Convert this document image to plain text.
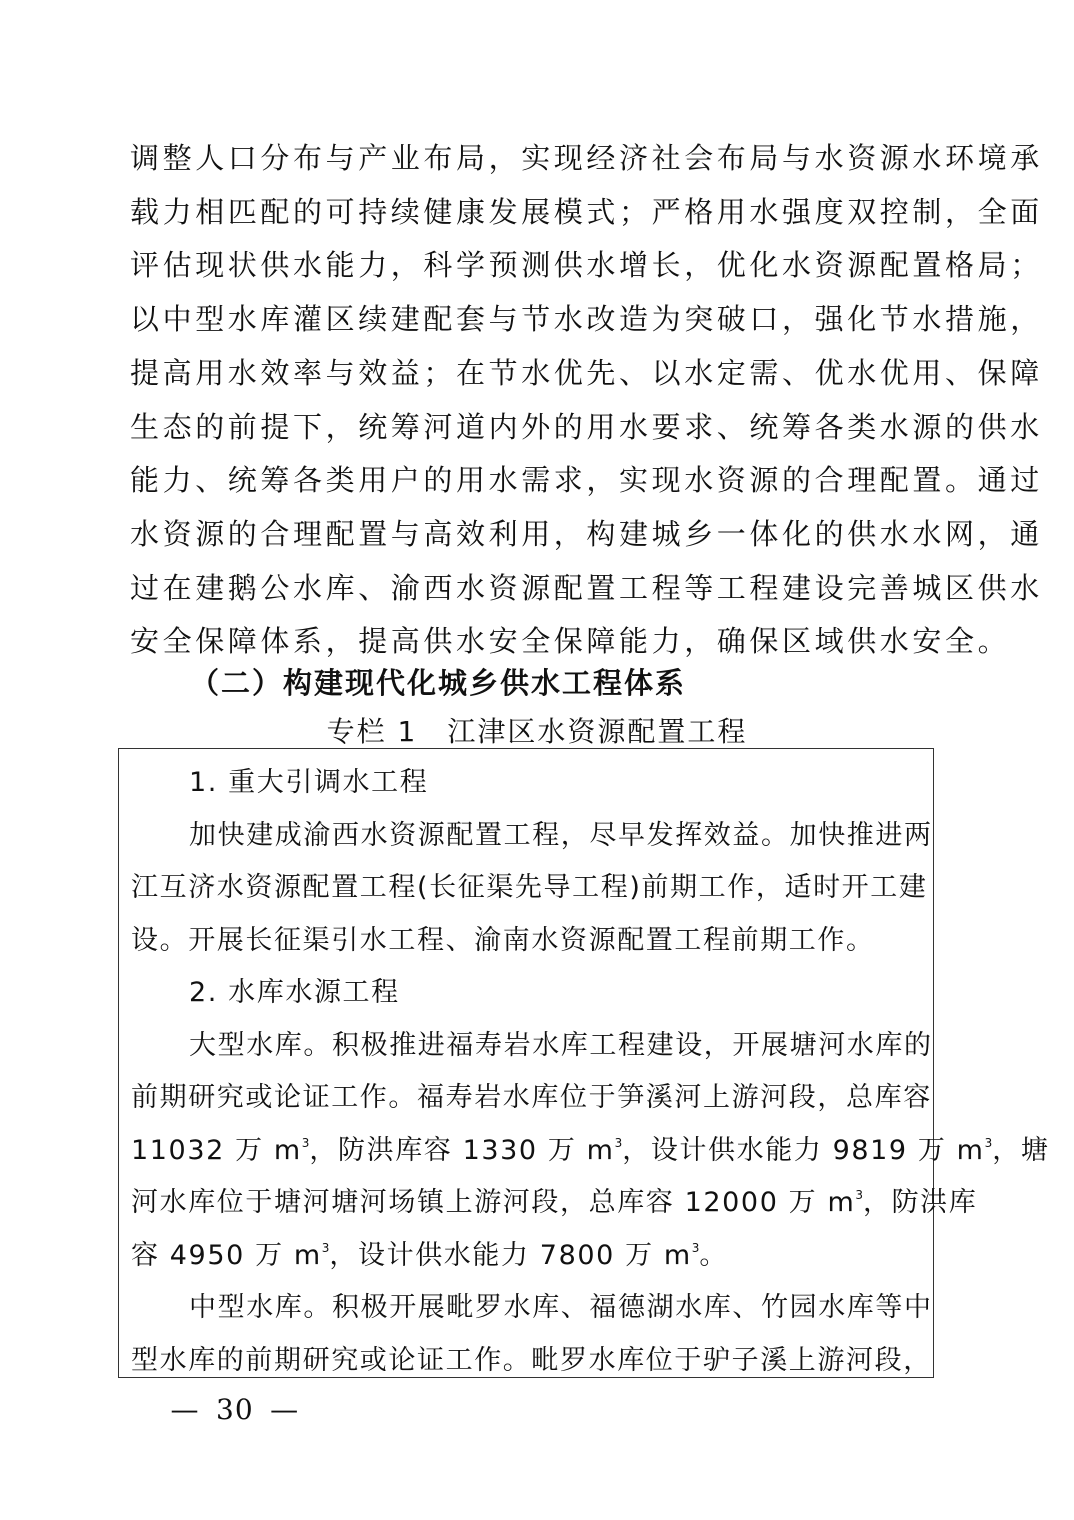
调整人口分布与产业布局，实现经济社会布局与水资源水环境承
载力相匹配的可持续健康发展模式；严格用水强度双控制，全面
评估现状供水能力，科学预测供水增长，优化水资源配置格局；
以中型水库灌区续建配套与节水改造为突破口，强化节水措施，
提高用水效率与效益；在节水优先、以水定需、优水优用、保障
生态的前提下，统筹河道内外的用水要求、统筹各类水源的供水
能力、统筹各类用户的用水需求，实现水资源的合理配置。通过
水资源的合理配置与高效利用，构建城乡一体化的供水水网，通
过在建鹅公水库、渝西水资源配置工程等工程建设完善城区供水
安全保障体系，提高供水安全保障能力，确保区域供水安全。
（二）构建现代化城乡供水工程体系
专栏 1 江津区水资源配置工程
1. 重大引调水工程
加快建成渝西水资源配置工程，尽早发挥效益。加快推进两
江互济水资源配置工程(长征渠先导工程)前期工作，适时开工建
设。开展长征渠引水工程、渝南水资源配置工程前期工作。
2. 水库水源工程
大型水库。积极推进福寿岩水库工程建设，开展塘河水库的
前期研究或论证工作。福寿岩水库位于笋溪河上游河段，总库容
11032 万 $m^3$，防洪库容 1330 万 $m^3$，设计供水能力 9819 万 $m^3$，塘
河水库位于塘河塘河场镇上游河段，总库容 12000 万 $m^3$，防洪库
容 4950 万 $m^3$，设计供水能力 7800 万 $m^3$。
中型水库。积极开展毗罗水库、福德湖水库、竹园水库等中
型水库的前期研究或论证工作。毗罗水库位于驴子溪上游河段，
— 30 —
